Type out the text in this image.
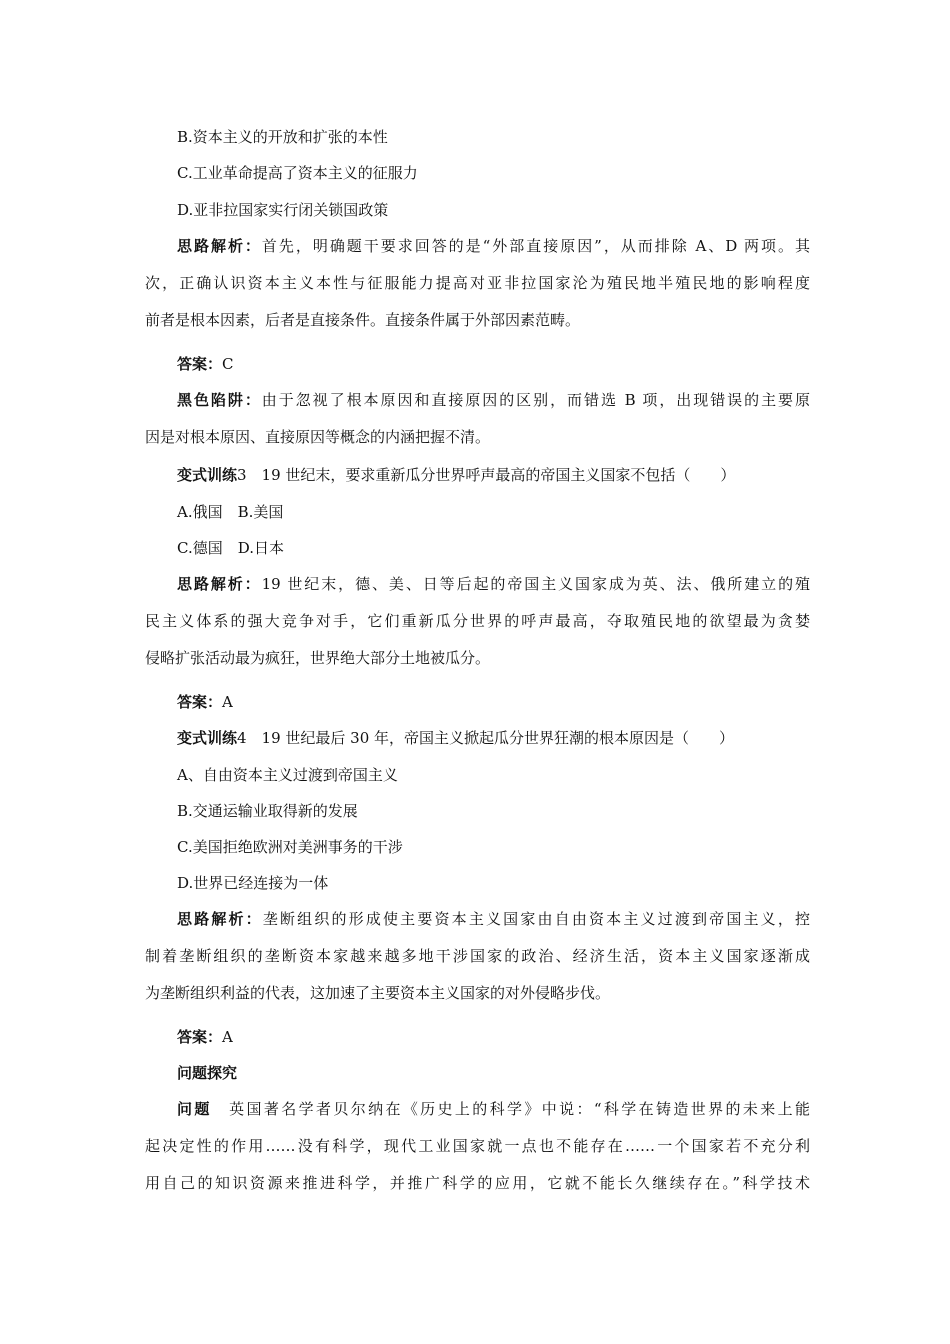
B.资本主义的开放和扩张的本性
C.工业革命提高了资本主义的征服力
D.亚非拉国家实行闭关锁国政策
思路解析：首先，明确题干要求回答的是“外部直接原因”，从而排除 A、D 两项。其
次，正确认识资本主义本性与征服能力提高对亚非拉国家沦为殖民地半殖民地的影响程度
前者是根本因素，后者是直接条件。直接条件属于外部因素范畴。
答案：C
黑色陷阱：由于忽视了根本原因和直接原因的区别，而错选 B 项，出现错误的主要原
因是对根本原因、直接原因等概念的内涵把握不清。
变式训练3　19 世纪末，要求重新瓜分世界呼声最高的帝国主义国家不包括（　　）
A.俄国　B.美国
C.德国　D.日本
思路解析：19 世纪末，德、美、日等后起的帝国主义国家成为英、法、俄所建立的殖
民主义体系的强大竞争对手，它们重新瓜分世界的呼声最高，夺取殖民地的欲望最为贪婪
侵略扩张活动最为疯狂，世界绝大部分土地被瓜分。
答案：A
变式训练4　19 世纪最后 30 年，帝国主义掀起瓜分世界狂潮的根本原因是（　　）
A、自由资本主义过渡到帝国主义
B.交通运输业取得新的发展
C.美国拒绝欧洲对美洲事务的干涉
D.世界已经连接为一体
思路解析：垄断组织的形成使主要资本主义国家由自由资本主义过渡到帝国主义，控
制着垄断组织的垄断资本家越来越多地干涉国家的政治、经济生活，资本主义国家逐渐成
为垄断组织利益的代表，这加速了主要资本主义国家的对外侵略步伐。
答案：A
问题探究
问题　英国著名学者贝尔纳在《历史上的科学》中说：“科学在铸造世界的未来上能
起决定性的作用……没有科学，现代工业国家就一点也不能存在……一个国家若不充分利
用自己的知识资源来推进科学，并推广科学的应用，它就不能长久继续存在。”科学技术
